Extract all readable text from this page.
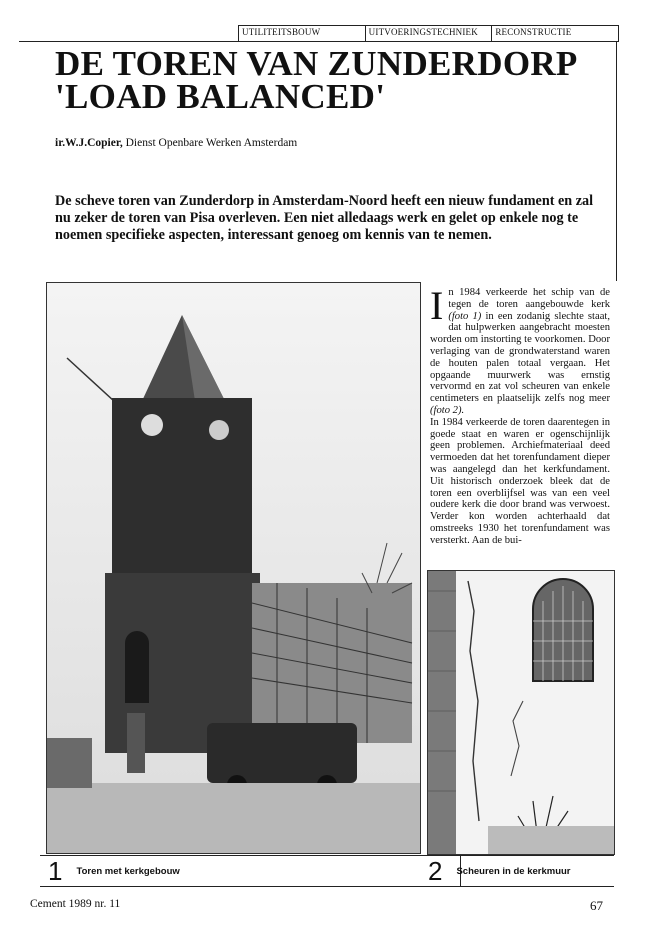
UTILITEITSBOUW	UITVOERINGSTECHNIEK	RECONSTRUCTIE
DE TOREN VAN ZUNDERDORP
'LOAD BALANCED'
ir.W.J.Copier, Dienst Openbare Werken Amsterdam

De scheve toren van Zunderdorp in Amsterdam-Noord heeft een nieuw fundament en zal nu zeker de toren van Pisa overleven. Een niet alledaags werk en gelet op enkele nog te noemen specifieke aspecten, interessant genoeg om kennis van te nemen.

In 1984 verkeerde het schip van de tegen de toren aangebouwde kerk (foto 1) in een zodanig slechte staat, dat hulpwerken aangebracht moesten worden om instorting te voorkomen. Door verlaging van de grondwaterstand waren de houten palen totaal vergaan. Het opgaande muurwerk was ernstig vervormd en zat vol scheuren van enkele centimeters en plaatselijk zelfs nog meer (foto 2).

In 1984 verkeerde de toren daarentegen in goede staat en waren er ogenschijnlijk geen problemen. Archiefmateriaal deed vermoeden dat het torenfundament dieper was aangelegd dan het kerkfundament. Uit historisch onderzoek bleek dat de toren een overblijfsel was van een veel oudere kerk die door brand was verwoest. Verder kon worden achterhaald dat omstreeks 1930 het torenfundament was versterkt. Aan de bui-

1 Toren met kerkgebouw	2 Scheuren in de kerkmuur
Cement 1989 nr. 11	67
